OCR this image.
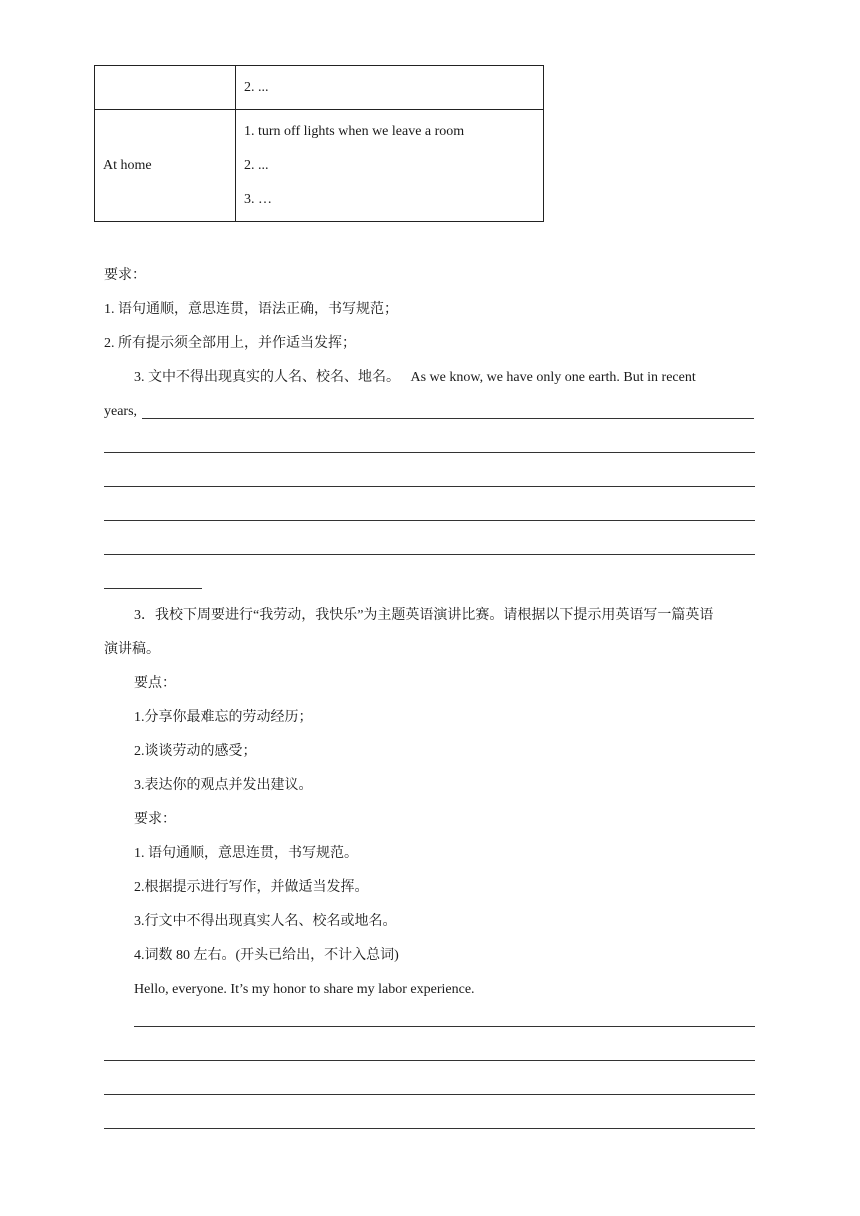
	2. ...

At home	1. turn off lights when we leave a room
2. ...
3. …
要求：
1. 语句通顺，意思连贯，语法正确，书写规范；
2. 所有提示须全部用上，并作适当发挥；
3. 文中不得出现真实的人名、校名、地名。 As we know, we have only one earth. But in recent
years,
3．我校下周要进行“我劳动，我快乐”为主题英语演讲比赛。请根据以下提示用英语写一篇英语
演讲稿。
要点：
1.分享你最难忘的劳动经历；
2.谈谈劳动的感受；
3.表达你的观点并发出建议。
要求：
1. 语句通顺，意思连贯，书写规范。
2.根据提示进行写作，并做适当发挥。
3.行文中不得出现真实人名、校名或地名。
4.词数 80 左右。(开头已给出，不计入总词)
Hello, everyone. It’s my honor to share my labor experience.
